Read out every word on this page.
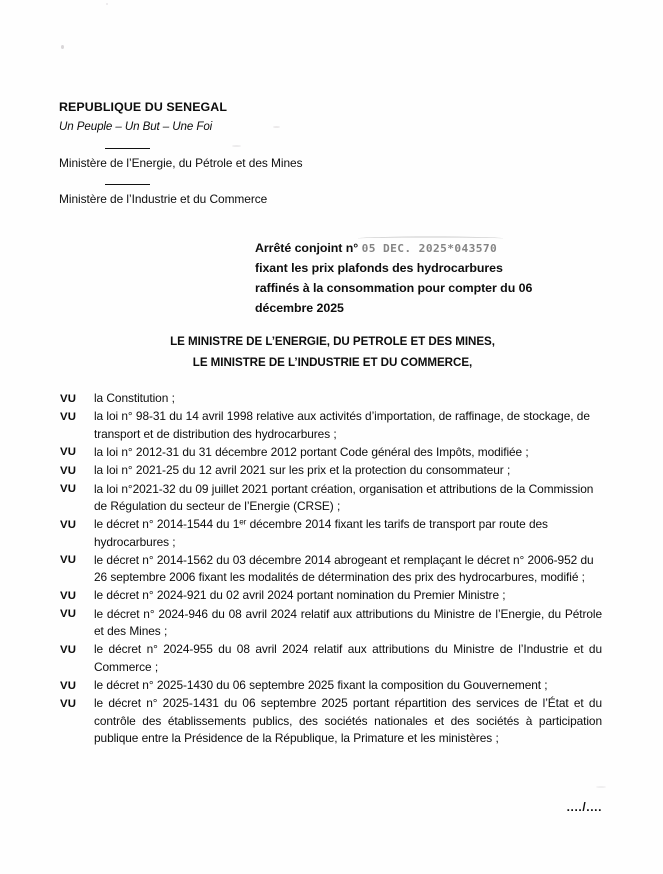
REPUBLIQUE DU SENEGAL
Un Peuple – Un But – Une Foi
Ministère de l’Energie, du Pétrole et des Mines
Ministère de l’Industrie et du Commerce
Arrêté conjoint n° 05 DEC. 2025*043570
fixant les prix plafonds des hydrocarbures
raffinés à la consommation pour compter du 06
décembre 2025
LE MINISTRE DE L’ENERGIE, DU PETROLE ET DES MINES,
LE MINISTRE DE L’INDUSTRIE ET DU COMMERCE,
VU	la Constitution ;
VU	la loi n° 98-31 du 14 avril 1998 relative aux activités d’importation, de raffinage, de stockage, de transport et de distribution des hydrocarbures ;
VU	la loi n° 2012-31 du 31 décembre 2012 portant Code général des Impôts, modifiée ;
VU	la loi n° 2021-25 du 12 avril 2021 sur les prix et la protection du consommateur ;
VU	la loi n°2021-32 du 09 juillet 2021 portant création, organisation et attributions de la Commission de Régulation du secteur de l’Energie (CRSE) ;
VU	le décret n° 2014-1544 du 1er décembre 2014 fixant les tarifs de transport par route des hydrocarbures ;
VU	le décret n° 2014-1562 du 03 décembre 2014 abrogeant et remplaçant le décret n° 2006-952 du 26 septembre 2006 fixant les modalités de détermination des prix des hydrocarbures, modifié ;
VU	le décret n° 2024-921 du 02 avril 2024 portant nomination du Premier Ministre ;
VU	le décret n° 2024-946 du 08 avril 2024 relatif aux attributions du Ministre de l’Energie, du Pétrole et des Mines ;
VU	le décret n° 2024-955 du 08 avril 2024 relatif aux attributions du Ministre de l’Industrie et du Commerce ;
VU	le décret n° 2025-1430 du 06 septembre 2025 fixant la composition du Gouvernement ;
VU	le décret n° 2025-1431 du 06 septembre 2025 portant répartition des services de l’État et du contrôle des établissements publics, des sociétés nationales et des sociétés à participation publique entre la Présidence de la République, la Primature et les ministères ;
..../....
